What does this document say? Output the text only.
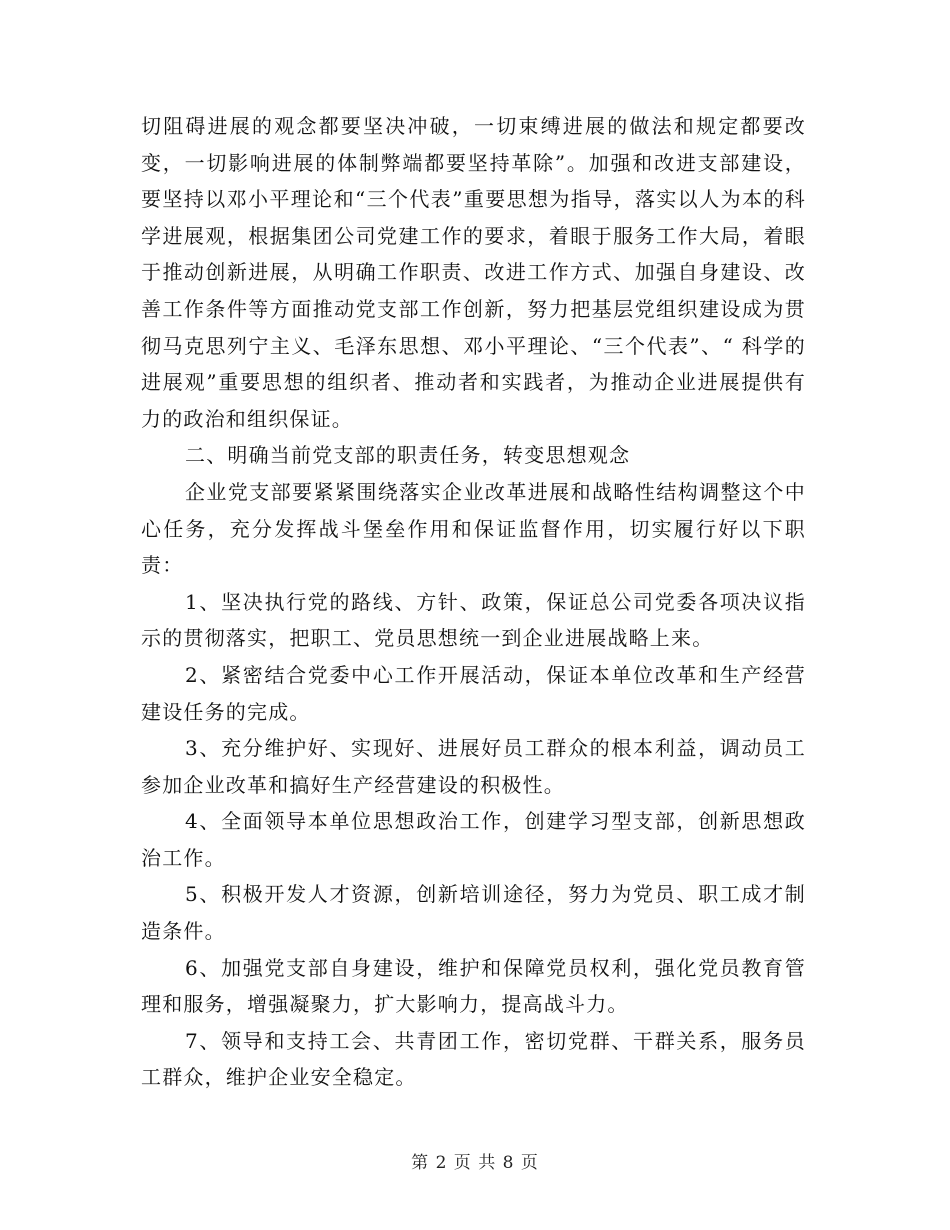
切阻碍进展的观念都要坚决冲破，一切束缚进展的做法和规定都要改变，一切影响进展的体制弊端都要坚持革除”。加强和改进支部建设，要坚持以邓小平理论和“三个代表”重要思想为指导，落实以人为本的科学进展观，根据集团公司党建工作的要求，着眼于服务工作大局，着眼于推动创新进展，从明确工作职责、改进工作方式、加强自身建设、改善工作条件等方面推动党支部工作创新，努力把基层党组织建设成为贯彻马克思列宁主义、毛泽东思想、邓小平理论、“三个代表”、“ 科学的进展观”重要思想的组织者、推动者和实践者，为推动企业进展提供有力的政治和组织保证。

二、明确当前党支部的职责任务，转变思想观念

企业党支部要紧紧围绕落实企业改革进展和战略性结构调整这个中心任务，充分发挥战斗堡垒作用和保证监督作用，切实履行好以下职责：

1、坚决执行党的路线、方针、政策，保证总公司党委各项决议指示的贯彻落实，把职工、党员思想统一到企业进展战略上来。

2、紧密结合党委中心工作开展活动，保证本单位改革和生产经营建设任务的完成。

3、充分维护好、实现好、进展好员工群众的根本利益，调动员工参加企业改革和搞好生产经营建设的积极性。

4、全面领导本单位思想政治工作，创建学习型支部，创新思想政治工作。

5、积极开发人才资源，创新培训途径，努力为党员、职工成才制造条件。

6、加强党支部自身建设，维护和保障党员权利，强化党员教育管理和服务，增强凝聚力，扩大影响力，提高战斗力。

7、领导和支持工会、共青团工作，密切党群、干群关系，服务员工群众，维护企业安全稳定。

第 2 页 共 8 页
